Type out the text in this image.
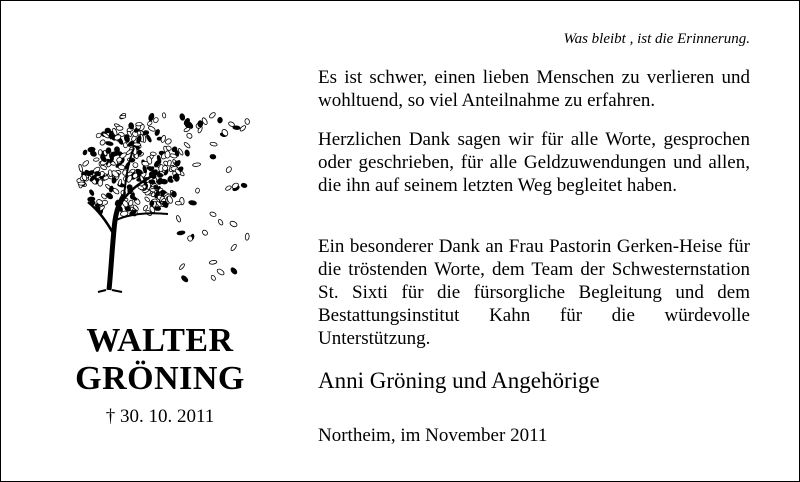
Was bleibt , ist die Erinnerung.
WALTER
GRÖNING
† 30. 10. 2011

Es ist schwer, einen lieben Menschen zu verlieren und wohltuend, so viel Anteilnahme zu erfahren.

Herzlichen Dank sagen wir für alle Worte, gesprochen oder geschrieben, für alle Geldzuwendungen und allen, die ihn auf seinem letzten Weg begleitet haben.

Ein besonderer Dank an Frau Pastorin Gerken-Heise für die tröstenden Worte, dem Team der Schwesternstation St. Sixti für die fürsorgliche Begleitung und dem Bestattungsinstitut Kahn für die würdevolle Unterstützung.

Anni Gröning und Angehörige
Northeim, im November 2011
